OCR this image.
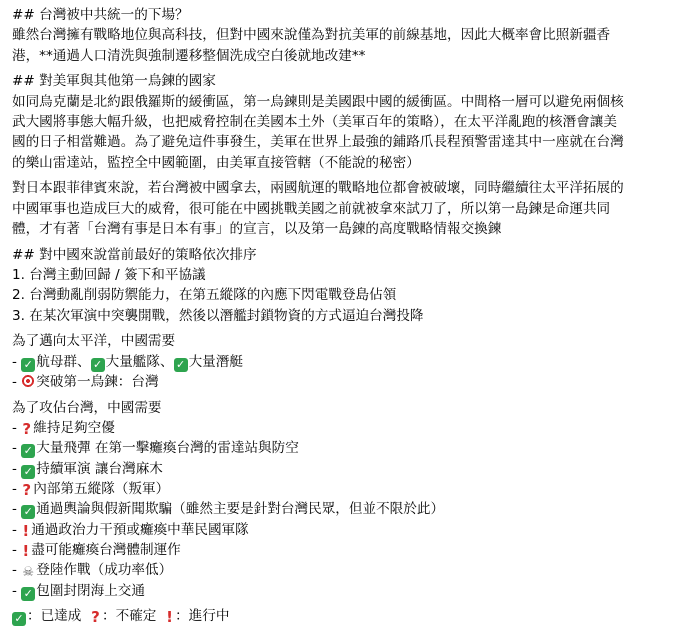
## 台灣被中共統一的下場？
雖然台灣擁有戰略地位與高科技，但對中國來說僅為對抗美軍的前線基地，因此大概率會比照新疆香
港，**通過人口清洗與強制遷移整個洗成空白後就地改建**
## 對美軍與其他第一烏鍊的國家
如同烏克蘭是北約跟俄羅斯的緩衝區，第一烏鍊則是美國跟中國的緩衝區。中間格一層可以避免兩個核
武大國將事態大幅升級，也把威脅控制在美國本土外（美軍百年的策略），在太平洋亂跑的核潛會讓美
國的日子相當難過。為了避免這件事發生，美軍在世界上最強的鋪路爪長程預警雷達其中一座就在台灣
的樂山雷達站，監控全中國範圍，由美軍直接管轄（不能說的秘密）
對日本跟菲律賓來說，若台灣被中國拿去，兩國航運的戰略地位都會被破壞，同時繼續往太平洋拓展的
中國軍事也造成巨大的威脅，很可能在中國挑戰美國之前就被拿來試刀了，所以第一島鍊是命運共同
體，才有著「台灣有事是日本有事」的宣言，以及第一島鍊的高度戰略情報交換鍊
## 對中國來說當前最好的策略依次排序
1. 台灣主動回歸 / 簽下和平協議
2. 台灣動亂削弱防禦能力，在第五縱隊的內應下閃電戰登島佔領
3. 在某次軍演中突襲開戰，然後以潛艦封鎖物資的方式逼迫台灣投降
為了邁向太平洋，中國需要
- ✓ 航母群、 ✓ 大量艦隊、 ✓ 大量潛艇
- 突破第一烏鍊：台灣
為了攻佔台灣，中國需要
- ? 維持足夠空優
- ✓ 大量飛彈 在第一擊癱瘓台灣的雷達站與防空
- ✓ 持續軍演 讓台灣麻木
- ? 內部第五縱隊（叛軍）
- ✓ 通過輿論與假新聞欺騙（雖然主要是針對台灣民眾，但並不限於此）
- ! 通過政治力干預或癱瘓中華民國軍隊
- ! 盡可能癱瘓台灣體制運作
- ☠ 登陸作戰（成功率低）
- ✓ 包圍封閉海上交通
✓ ：已達成  ? ：不確定  ! ：進行中
